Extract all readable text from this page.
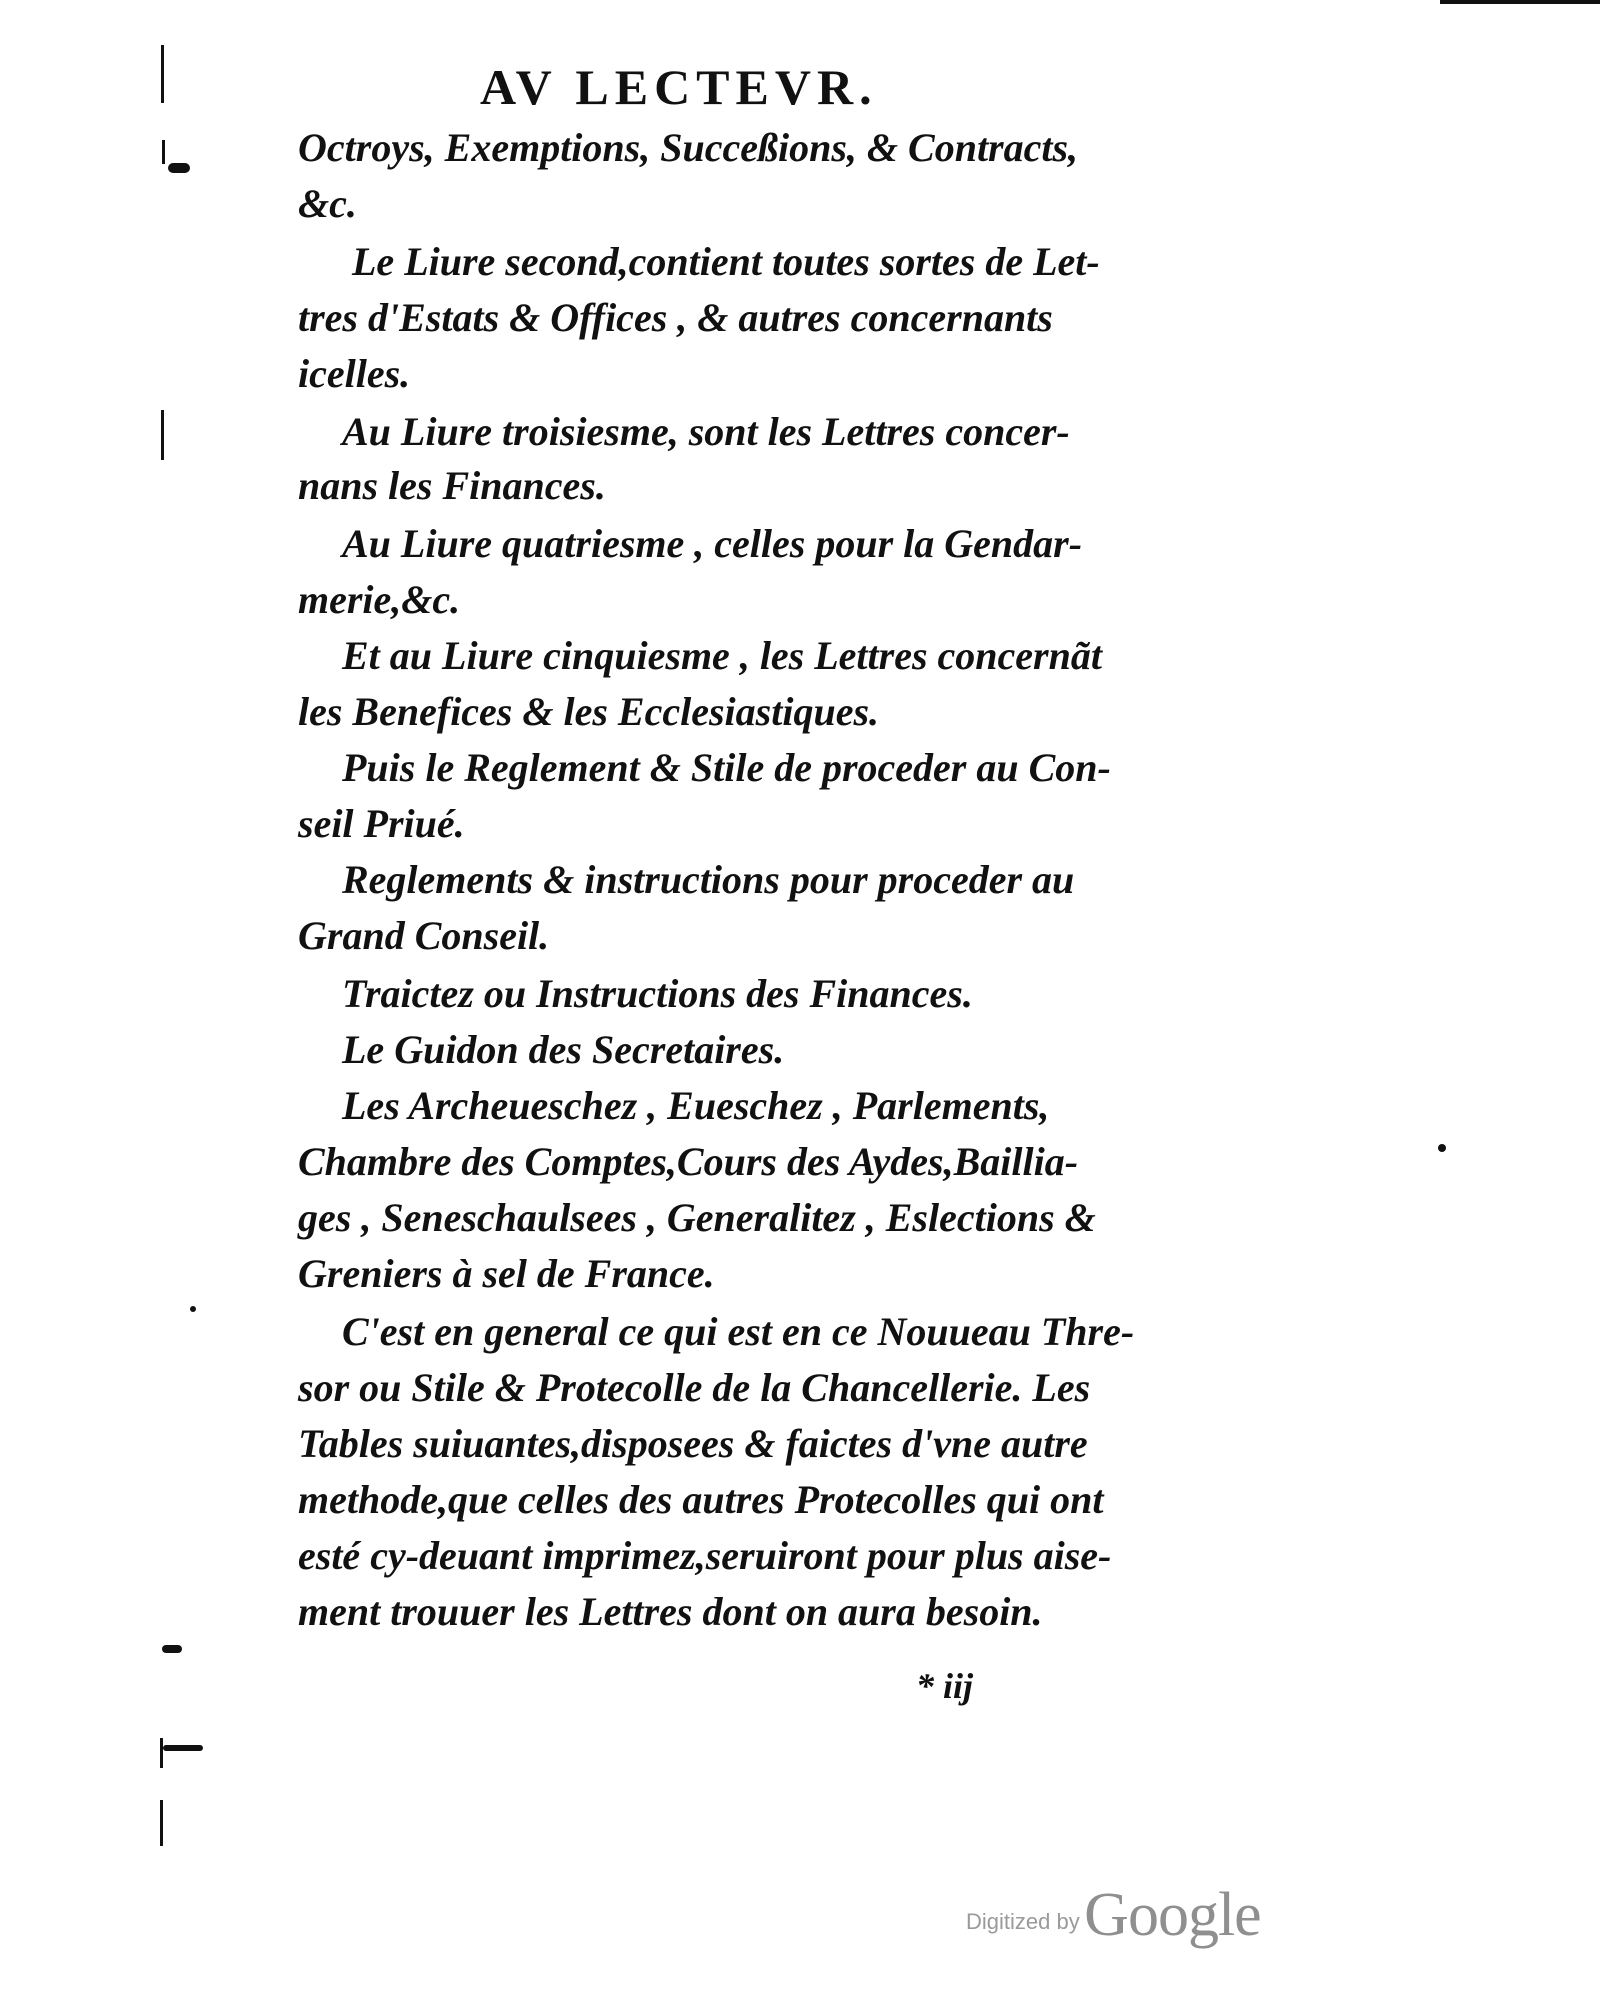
AV LECTEVR.
Octroys, Exemptions, Succeßions, & Contracts,
&c.
Le Liure second,contient toutes sortes de Let-
tres d'Estats & Offices , & autres concernants
icelles.
Au Liure troisiesme, sont les Lettres concer-
nans les Finances.
Au Liure quatriesme , celles pour la Gendar-
merie,&c.
Et au Liure cinquiesme , les Lettres concernãt
les Benefices & les Ecclesiastiques.
Puis le Reglement & Stile de proceder au Con-
seil Priué.
Reglements & instructions pour proceder au
Grand Conseil.
Traictez ou Instructions des Finances.
Le Guidon des Secretaires.
Les Archeueschez , Eueschez , Parlements,
Chambre des Comptes,Cours des Aydes,Baillia-
ges , Seneschaulsees , Generalitez , Eslections &
Greniers à sel de France.
C'est en general ce qui est en ce Nouueau Thre-
sor ou Stile & Protecolle de la Chancellerie. Les
Tables suiuantes,disposees & faictes d'vne autre
methode,que celles des autres Protecolles qui ont
esté cy-deuant imprimez,seruiront pour plus aise-
ment trouuer les Lettres dont on aura besoin.
* iij
Digitized by Google
